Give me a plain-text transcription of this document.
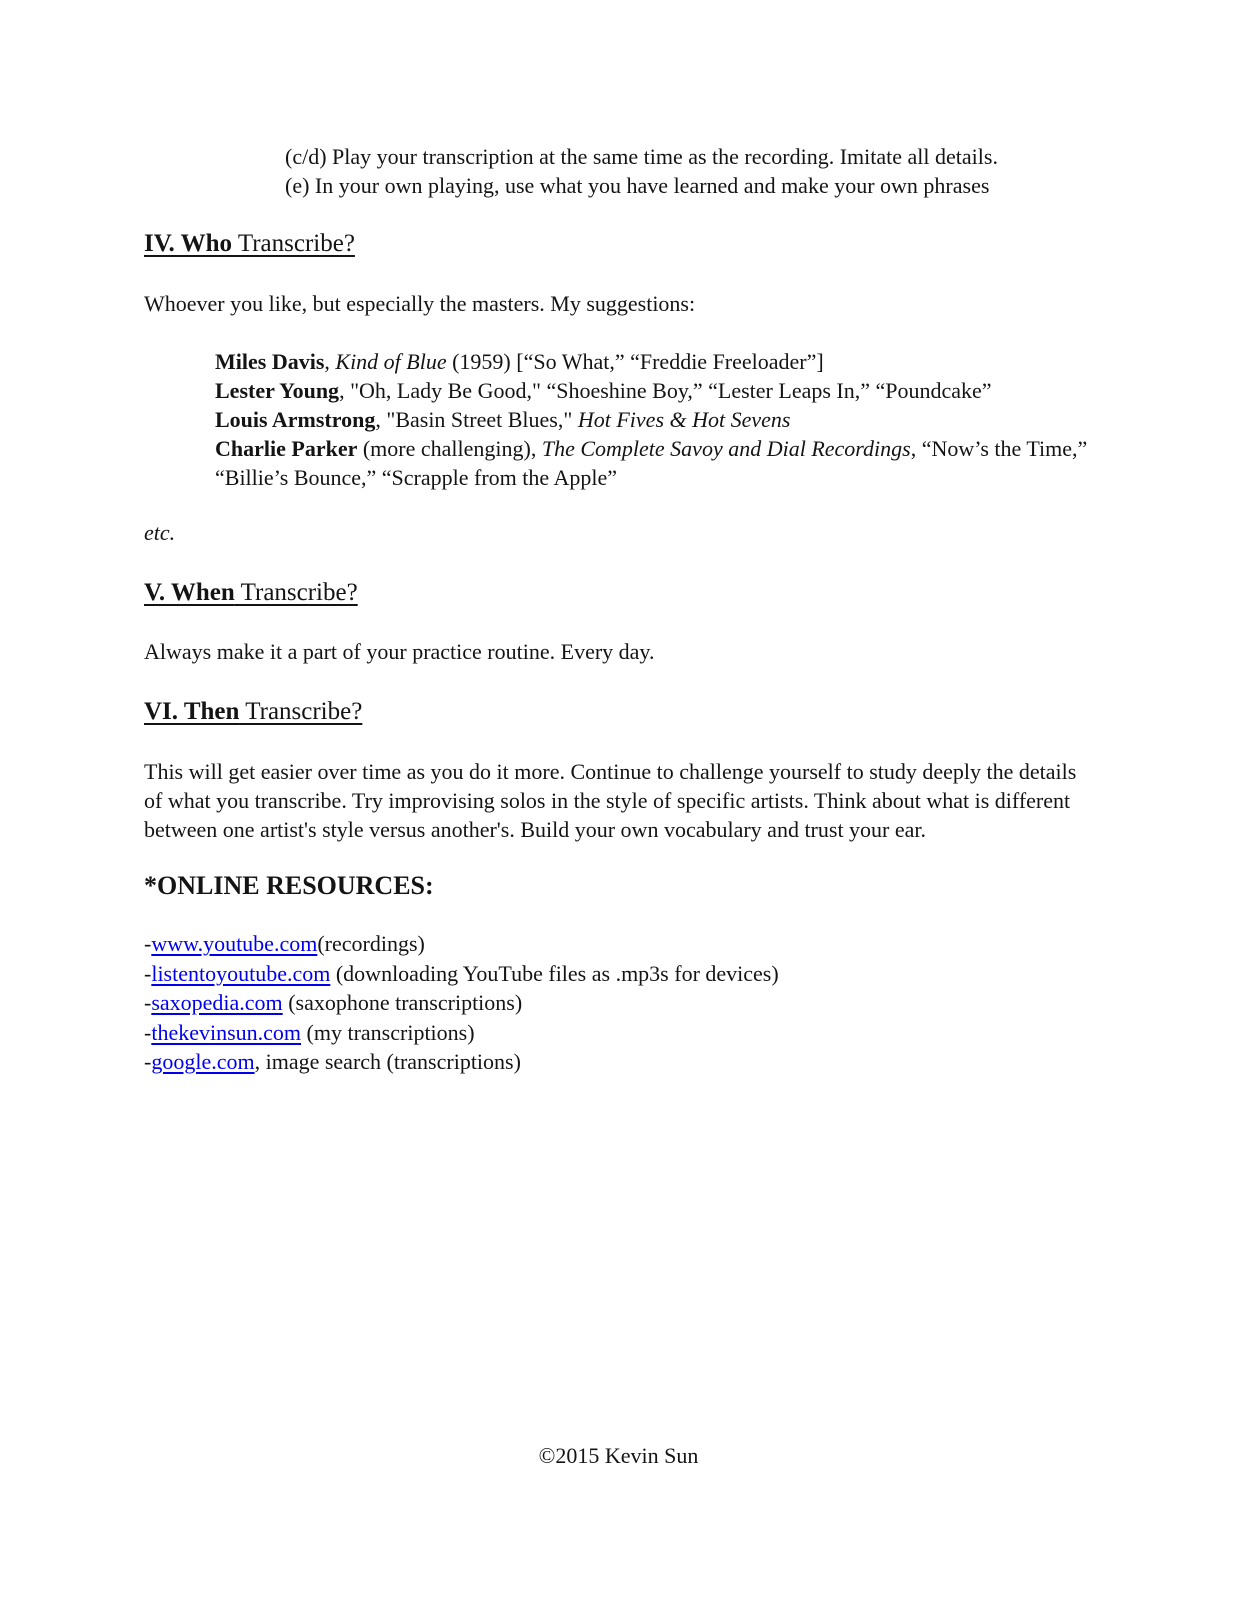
(c/d) Play your transcription at the same time as the recording. Imitate all details.
(e) In your own playing, use what you have learned and make your own phrases
IV. Who Transcribe?

Whoever you like, but especially the masters. My suggestions:

Miles Davis, Kind of Blue (1959) [“So What,” “Freddie Freeloader”]
Lester Young, "Oh, Lady Be Good," “Shoeshine Boy,” “Lester Leaps In,” “Poundcake”
Louis Armstrong, "Basin Street Blues," Hot Fives & Hot Sevens
Charlie Parker (more challenging), The Complete Savoy and Dial Recordings, “Now’s the Time,” “Billie’s Bounce,” “Scrapple from the Apple”

etc.

V. When Transcribe?

Always make it a part of your practice routine. Every day.

VI. Then Transcribe?

This will get easier over time as you do it more. Continue to challenge yourself to study deeply the details of what you transcribe. Try improvising solos in the style of specific artists. Think about what is different between one artist's style versus another's. Build your own vocabulary and trust your ear.

*ONLINE RESOURCES:
-www.youtube.com(recordings)
-listentoyoutube.com (downloading YouTube files as .mp3s for devices)
-saxopedia.com (saxophone transcriptions)
-thekevinsun.com (my transcriptions)
-google.com, image search (transcriptions)
©2015 Kevin Sun
